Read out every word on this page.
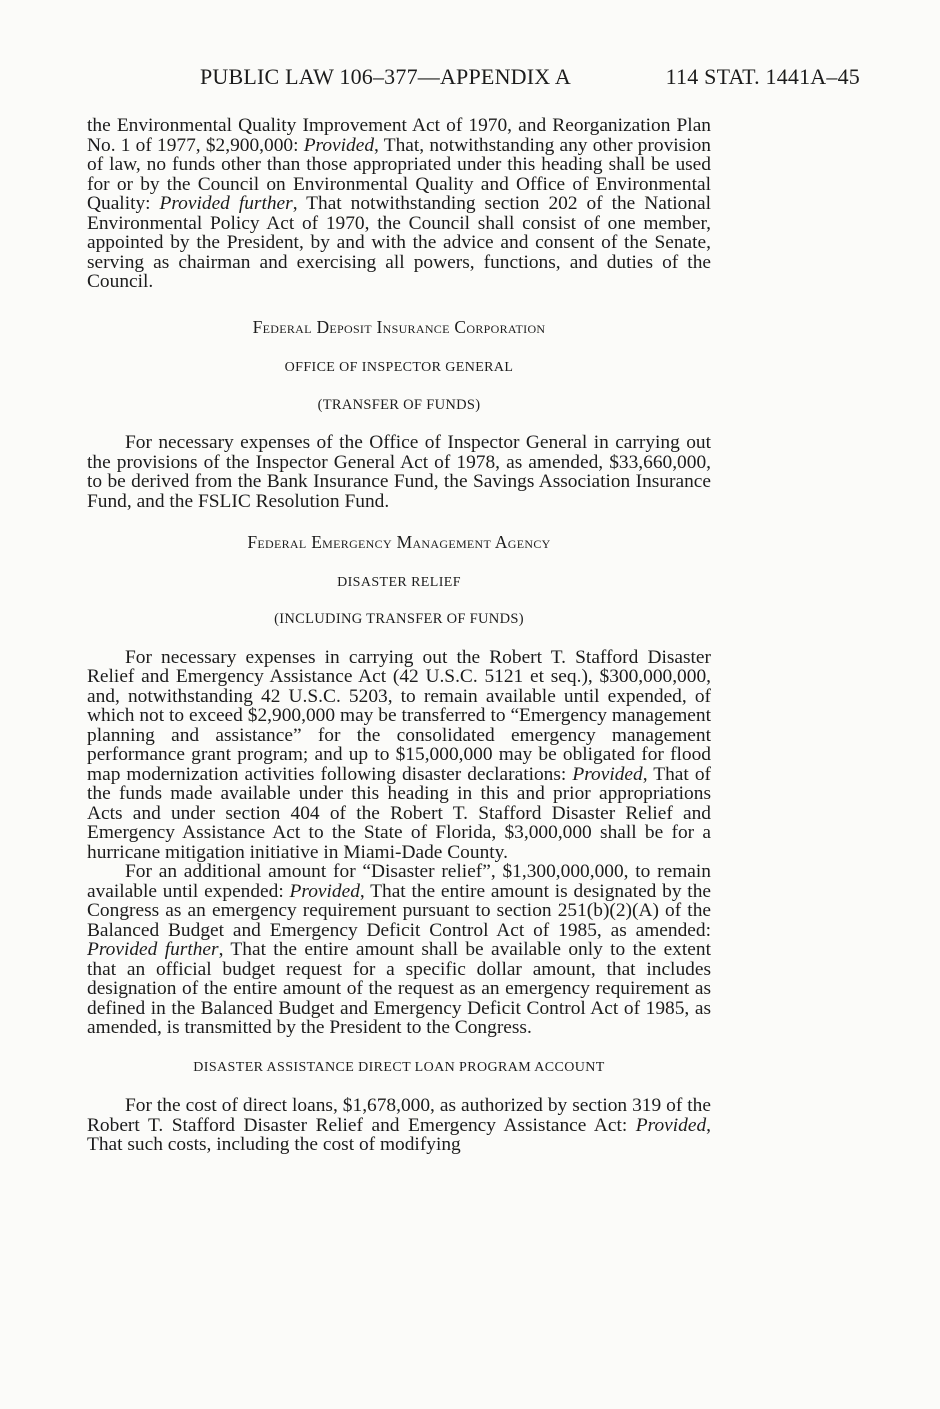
PUBLIC LAW 106–377—APPENDIX A	114 STAT. 1441A–45

the Environmental Quality Improvement Act of 1970, and Reorganization Plan No. 1 of 1977, $2,900,000: Provided, That, notwithstanding any other provision of law, no funds other than those appropriated under this heading shall be used for or by the Council on Environmental Quality and Office of Environmental Quality: Provided further, That notwithstanding section 202 of the National Environmental Policy Act of 1970, the Council shall consist of one member, appointed by the President, by and with the advice and consent of the Senate, serving as chairman and exercising all powers, functions, and duties of the Council.

Federal Deposit Insurance Corporation
OFFICE OF INSPECTOR GENERAL
(TRANSFER OF FUNDS)

For necessary expenses of the Office of Inspector General in carrying out the provisions of the Inspector General Act of 1978, as amended, $33,660,000, to be derived from the Bank Insurance Fund, the Savings Association Insurance Fund, and the FSLIC Resolution Fund.

Federal Emergency Management Agency
DISASTER RELIEF
(INCLUDING TRANSFER OF FUNDS)

For necessary expenses in carrying out the Robert T. Stafford Disaster Relief and Emergency Assistance Act (42 U.S.C. 5121 et seq.), $300,000,000, and, notwithstanding 42 U.S.C. 5203, to remain available until expended, of which not to exceed $2,900,000 may be transferred to “Emergency management planning and assistance” for the consolidated emergency management performance grant program; and up to $15,000,000 may be obligated for flood map modernization activities following disaster declarations: Provided, That of the funds made available under this heading in this and prior appropriations Acts and under section 404 of the Robert T. Stafford Disaster Relief and Emergency Assistance Act to the State of Florida, $3,000,000 shall be for a hurricane mitigation initiative in Miami-Dade County.

For an additional amount for “Disaster relief”, $1,300,000,000, to remain available until expended: Provided, That the entire amount is designated by the Congress as an emergency requirement pursuant to section 251(b)(2)(A) of the Balanced Budget and Emergency Deficit Control Act of 1985, as amended: Provided further, That the entire amount shall be available only to the extent that an official budget request for a specific dollar amount, that includes designation of the entire amount of the request as an emergency requirement as defined in the Balanced Budget and Emergency Deficit Control Act of 1985, as amended, is transmitted by the President to the Congress.

DISASTER ASSISTANCE DIRECT LOAN PROGRAM ACCOUNT

For the cost of direct loans, $1,678,000, as authorized by section 319 of the Robert T. Stafford Disaster Relief and Emergency Assistance Act: Provided, That such costs, including the cost of modifying
